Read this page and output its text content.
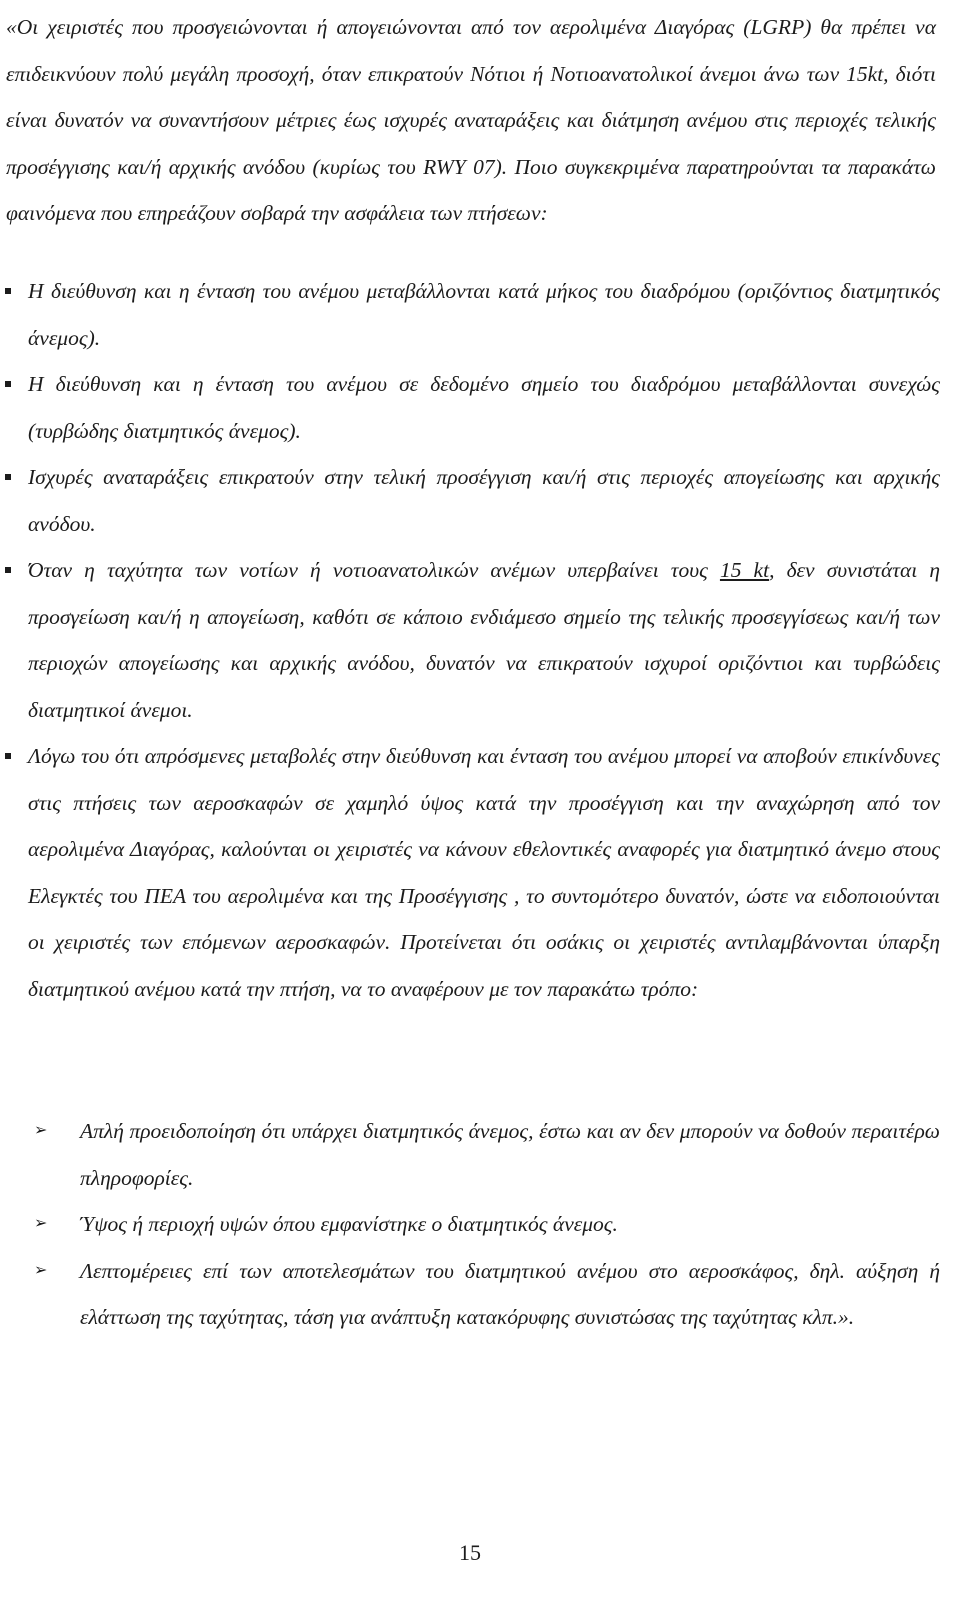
«Οι χειριστές που προσγειώνονται ή απογειώνονται από τον αερολιμένα Διαγόρας (LGRP) θα πρέπει να επιδεικνύουν πολύ μεγάλη προσοχή, όταν επικρατούν Νότιοι ή Νοτιοανατολικοί άνεμοι άνω των 15kt, διότι είναι δυνατόν να συναντήσουν μέτριες έως ισχυρές αναταράξεις και διάτμηση ανέμου στις περιοχές τελικής προσέγγισης και/ή αρχικής ανόδου (κυρίως του RWY 07). Ποιο συγκεκριμένα παρατηρούνται τα παρακάτω φαινόμενα που επηρεάζουν σοβαρά την ασφάλεια των πτήσεων:

Η διεύθυνση και η ένταση του ανέμου μεταβάλλονται κατά μήκος του διαδρόμου (οριζόντιος διατμητικός άνεμος).
Η διεύθυνση και η ένταση του ανέμου σε δεδομένο σημείο του διαδρόμου μεταβάλλονται συνεχώς (τυρβώδης διατμητικός άνεμος).
Ισχυρές αναταράξεις επικρατούν στην τελική προσέγγιση και/ή στις περιοχές απογείωσης και αρχικής ανόδου.
Όταν η ταχύτητα των νοτίων ή νοτιοανατολικών ανέμων υπερβαίνει τους 15 kt, δεν συνιστάται η προσγείωση και/ή η απογείωση, καθότι σε κάποιο ενδιάμεσο σημείο της τελικής προσεγγίσεως και/ή των περιοχών απογείωσης και αρχικής ανόδου, δυνατόν να επικρατούν ισχυροί οριζόντιοι και τυρβώδεις διατμητικοί άνεμοι.
Λόγω του ότι απρόσμενες μεταβολές στην διεύθυνση και ένταση του ανέμου μπορεί να αποβούν επικίνδυνες στις πτήσεις των αεροσκαφών σε χαμηλό ύψος κατά την προσέγγιση και την αναχώρηση από τον αερολιμένα Διαγόρας, καλούνται οι χειριστές να κάνουν εθελοντικές αναφορές για διατμητικό άνεμο στους Ελεγκτές του ΠΕΑ του αερολιμένα και της Προσέγγισης , το συντομότερο δυνατόν, ώστε να ειδοποιούνται οι χειριστές των επόμενων αεροσκαφών. Προτείνεται ότι οσάκις οι χειριστές αντιλαμβάνονται ύπαρξη διατμητικού ανέμου κατά την πτήση, να το αναφέρουν με τον παρακάτω τρόπο:
➢ Απλή προειδοποίηση ότι υπάρχει διατμητικός άνεμος, έστω και αν δεν μπορούν να δοθούν περαιτέρω πληροφορίες.
➢ Ύψος ή περιοχή υψών όπου εμφανίστηκε ο διατμητικός άνεμος.
➢ Λεπτομέρειες επί των αποτελεσμάτων του διατμητικού ανέμου στο αεροσκάφος, δηλ. αύξηση ή ελάττωση της ταχύτητας, τάση για ανάπτυξη κατακόρυφης συνιστώσας της ταχύτητας κλπ.».
15
